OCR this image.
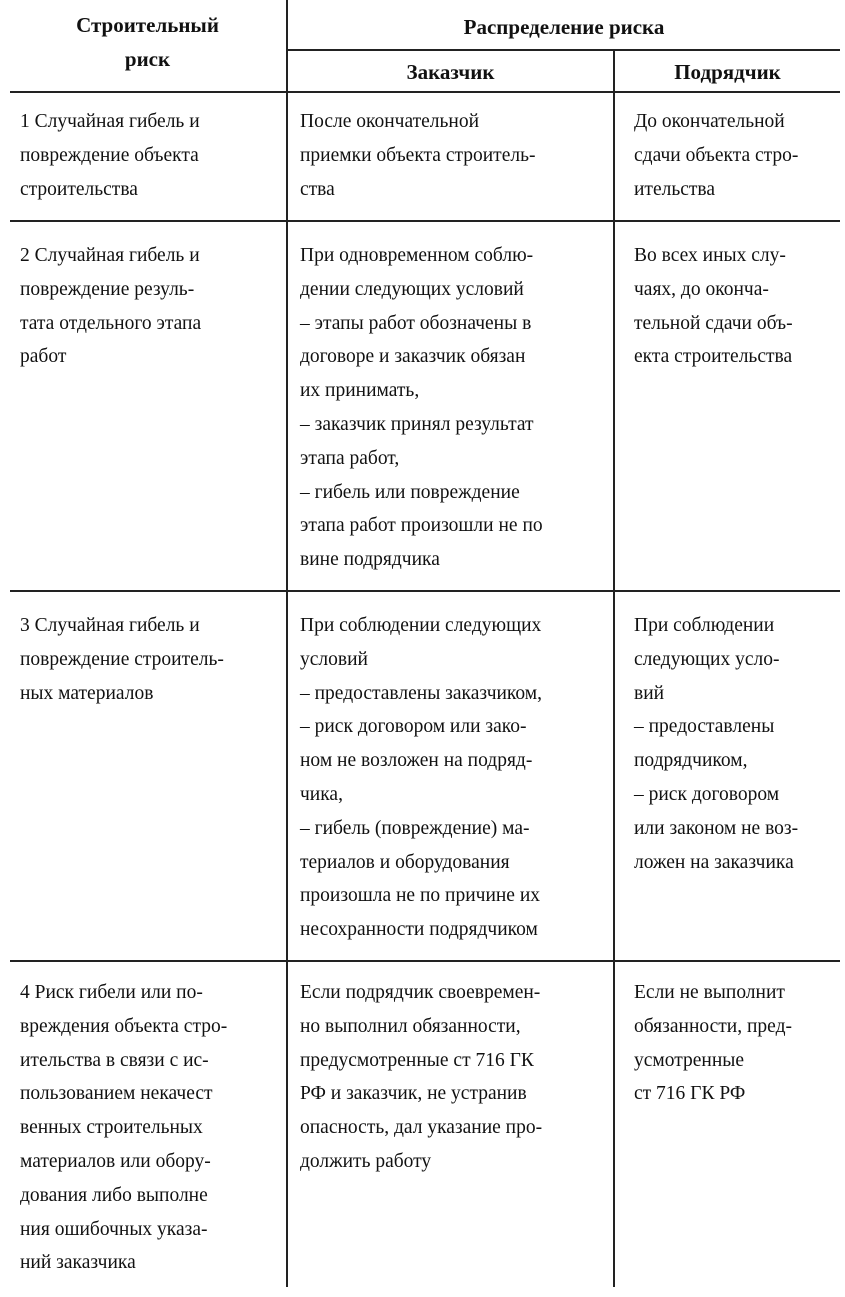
Строительный
риск
Распределение риска
Заказчик	Подрядчик
1 Случайная гибель и
повреждение объекта
строительства
После окончательной
приемки объекта строитель-
ства
До окончательной
сдачи объекта стро-
ительства
2 Случайная гибель и
повреждение резуль-
тата отдельного этапа
работ
При одновременном соблю-
дении следующих условий
– этапы работ обозначены в
договоре и заказчик обязан
их принимать,
– заказчик принял результат
этапа работ,
– гибель или повреждение
этапа работ произошли не по
вине подрядчика
Во всех иных слу-
чаях, до оконча-
тельной сдачи объ-
екта строительства
3 Случайная гибель и
повреждение строитель-
ных материалов
При соблюдении следующих
условий
– предоставлены заказчиком,
– риск договором или зако-
ном не возложен на подряд-
чика,
– гибель (повреждение) ма-
териалов и оборудования
произошла не по причине их
несохранности подрядчиком
При соблюдении
следующих усло-
вий
– предоставлены
подрядчиком,
– риск договором
или законом не воз-
ложен на заказчика
4 Риск гибели или по-
вреждения объекта стро-
ительства в связи с ис-
пользованием некачест
венных строительных
материалов или обору-
дования либо выполне
ния ошибочных указа-
ний заказчика
Если подрядчик своевремен-
но выполнил обязанности,
предусмотренные ст 716 ГК
РФ и заказчик, не устранив
опасность, дал указание про-
должить работу
Если не выполнит
обязанности, пред-
усмотренные
ст 716 ГК РФ
